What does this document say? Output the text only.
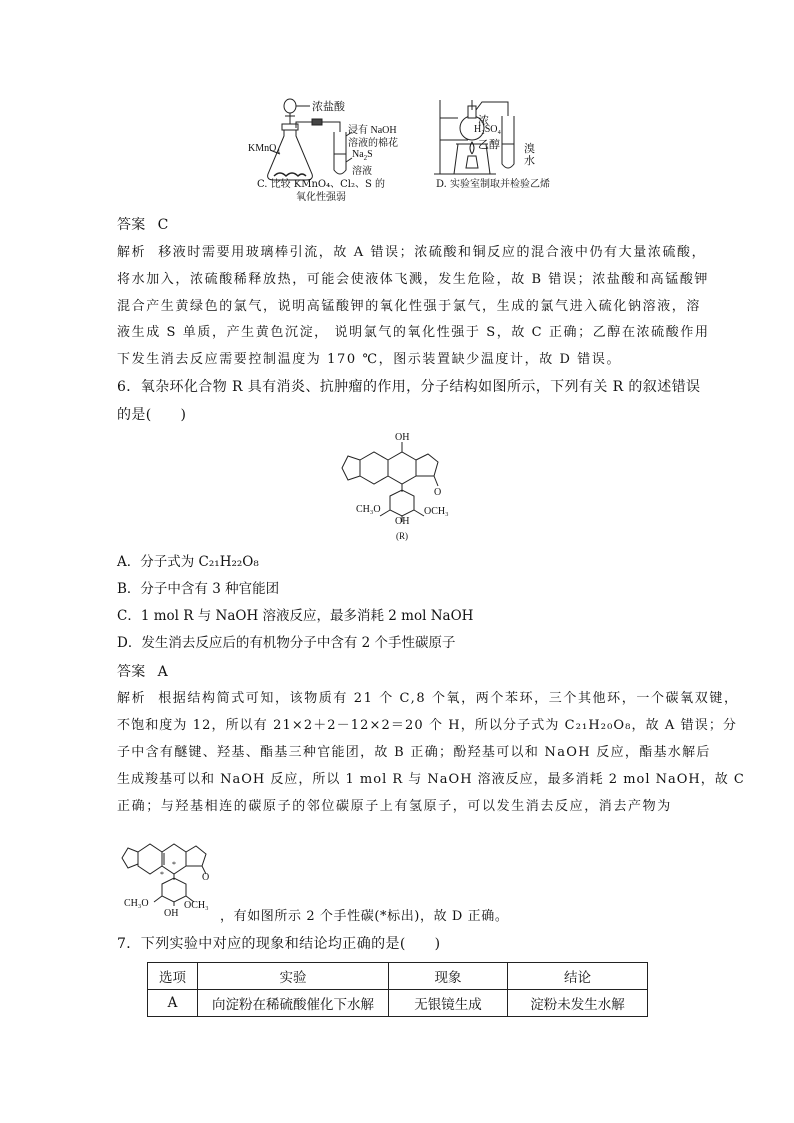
浓盐酸
KMnO$_4$
浸有 NaOH
溶液的棉花
$Na_2S$
溶液
C. 比较 KMnO₄、Cl₂、S 的
氧化性强弱
浓
H₂SO₄
乙醇 溴
水
D. 实验室制取并检验乙烯
答案 C
解析 移液时需要用玻璃棒引流，故 A 错误；浓硫酸和铜反应的混合液中仍有大量浓硫酸，
将水加入，浓硫酸稀释放热，可能会使液体飞溅，发生危险，故 B 错误；浓盐酸和高锰酸钾
混合产生黄绿色的氯气，说明高锰酸钾的氧化性强于氯气，生成的氯气进入硫化钠溶液，溶
液生成 S 单质，产生黄色沉淀， 说明氯气的氧化性强于 S，故 C 正确；乙醇在浓硫酸作用
下发生消去反应需要控制温度为 170 ℃，图示装置缺少温度计，故 D 错误。
6．氧杂环化合物 R 具有消炎、抗肿瘤的作用，分子结构如图所示，下列有关 R 的叙述错误
的是(　　)
OH
O
CH₃O	OCH₃
OH
(R)
A．分子式为 C₂₁H₂₂O₈
B．分子中含有 3 种官能团
C．1 mol R 与 NaOH 溶液反应，最多消耗 2 mol NaOH
D．发生消去反应后的有机物分子中含有 2 个手性碳原子
答案 A
解析 根据结构简式可知，该物质有 21 个 C,8 个氧，两个苯环，三个其他环，一个碳氧双键，
不饱和度为 12，所以有 21×2＋2－12×2＝20 个 H，所以分子式为 C₂₁H₂₀O₈，故 A 错误；分
子中含有醚键、羟基、酯基三种官能团，故 B 正确；酚羟基可以和 NaOH 反应，酯基水解后
生成羧基可以和 NaOH 反应，所以 1 mol R 与 NaOH 溶液反应，最多消耗 2 mol NaOH，故 C
正确；与羟基相连的碳原子的邻位碳原子上有氢原子，可以发生消去反应，消去产物为
*
*	O
CH₃O	OCH₃
OH	，有如图所示 2 个手性碳(*标出)，故 D 正确。
7．下列实验中对应的现象和结论均正确的是(　　)
选项	实验	现象	结论
A	向淀粉在稀硫酸催化下水解	无银镜生成	淀粉未发生水解
